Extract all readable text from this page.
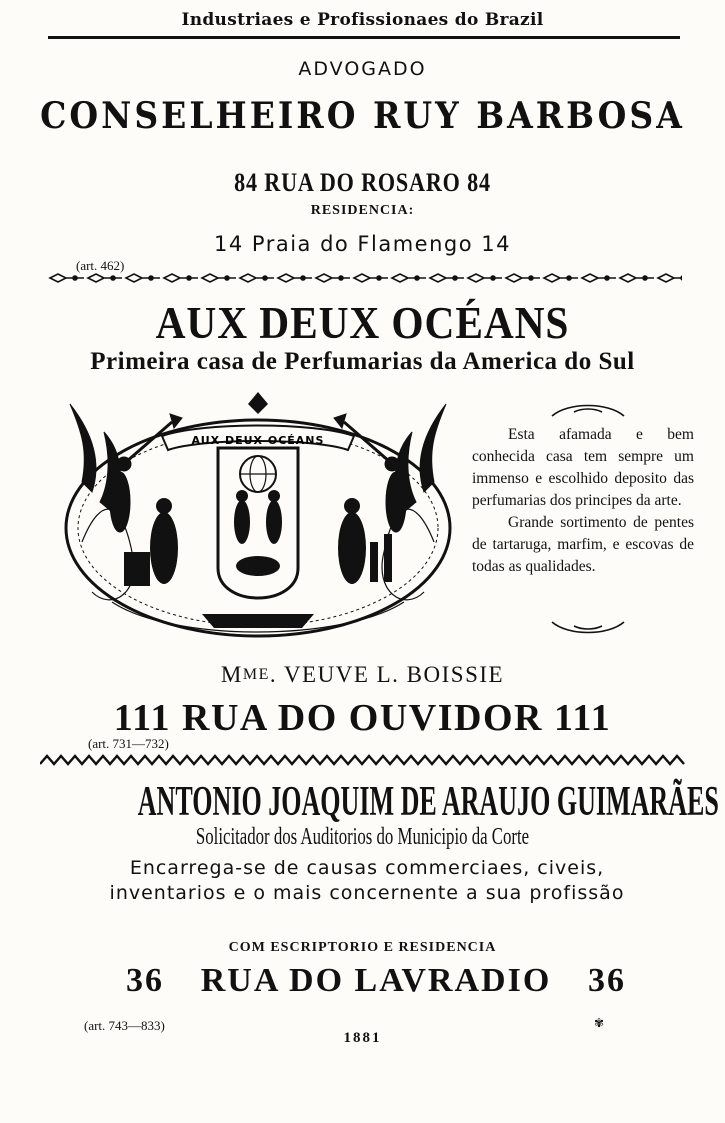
Industriaes e Profissionaes do Brazil
ADVOGADO
CONSELHEIRO RUY BARBOSA
84 RUA DO ROSARO 84
RESIDENCIA:
14 Praia do Flamengo 14
(art. 462)
AUX DEUX OCÉANS
Primeira casa de Perfumarias da America do Sul
AUX DEUX OCÉANS	Esta afamada e bem conhecida casa tem sempre um immenso e escolhido deposito das perfumarias dos principes da arte.

Grande sortimento de pentes de tartaruga, marfim, e escovas de todas as qualidades.

MME. VEUVE L. BOISSIE
111 RUA DO OUVIDOR 111
(art. 731—732)
ANTONIO JOAQUIM DE ARAUJO GUIMARÃES
Solicitador dos Auditorios do Municipio da Corte
Encarrega-se de causas commerciaes, civeis, inventarios e o mais concernente a sua profissão
COM ESCRIPTORIO E RESIDENCIA
36 RUA DO LAVRADIO 36
(art. 743—833)
1881
✾
